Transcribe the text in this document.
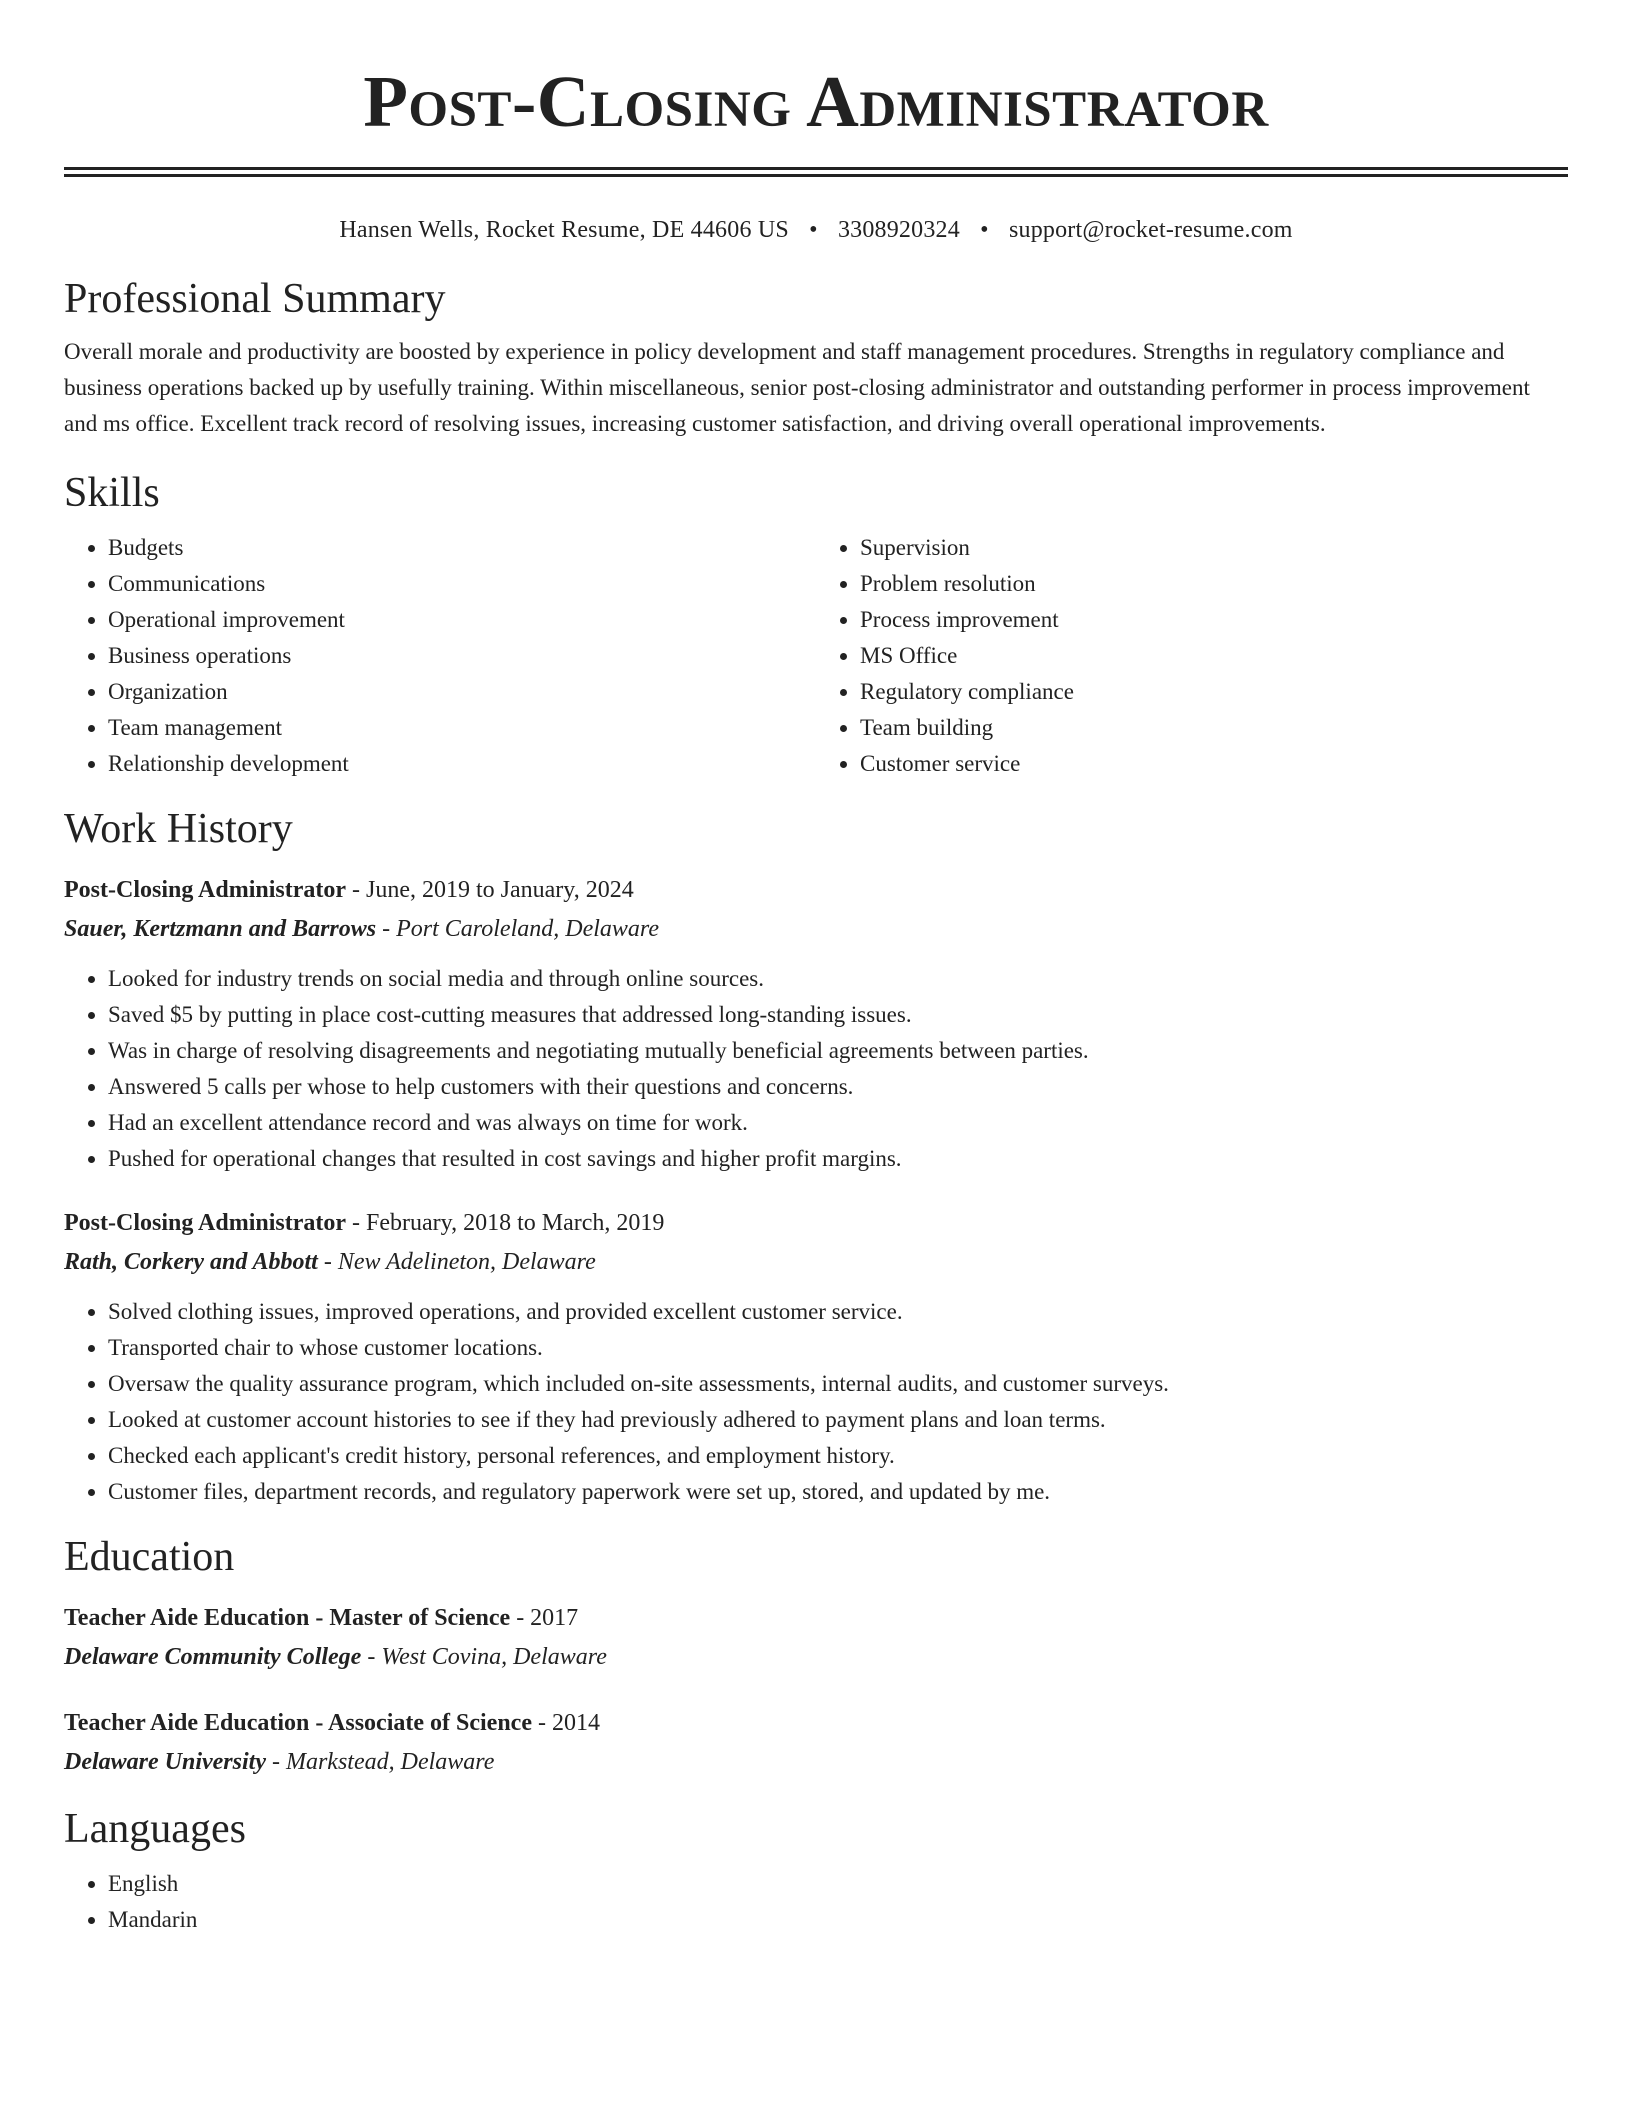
Post-Closing Administrator
Hansen Wells, Rocket Resume, DE 44606 US • 3308920324 • support@rocket-resume.com
Professional Summary

Overall morale and productivity are boosted by experience in policy development and staff management procedures. Strengths in regulatory compliance and business operations backed up by usefully training. Within miscellaneous, senior post-closing administrator and outstanding performer in process improvement and ms office. Excellent track record of resolving issues, increasing customer satisfaction, and driving overall operational improvements.

Skills
• Budgets
• Communications
• Operational improvement
• Business operations
• Organization
• Team management
• Relationship development
• Supervision
• Problem resolution
• Process improvement
• MS Office
• Regulatory compliance
• Team building
• Customer service
Work History
Post-Closing Administrator - June, 2019 to January, 2024
Sauer, Kertzmann and Barrows - Port Caroleland, Delaware
• Looked for industry trends on social media and through online sources.
• Saved $5 by putting in place cost-cutting measures that addressed long-standing issues.
• Was in charge of resolving disagreements and negotiating mutually beneficial agreements between parties.
• Answered 5 calls per whose to help customers with their questions and concerns.
• Had an excellent attendance record and was always on time for work.
• Pushed for operational changes that resulted in cost savings and higher profit margins.
Post-Closing Administrator - February, 2018 to March, 2019
Rath, Corkery and Abbott - New Adelineton, Delaware
• Solved clothing issues, improved operations, and provided excellent customer service.
• Transported chair to whose customer locations.
• Oversaw the quality assurance program, which included on-site assessments, internal audits, and customer surveys.
• Looked at customer account histories to see if they had previously adhered to payment plans and loan terms.
• Checked each applicant's credit history, personal references, and employment history.
• Customer files, department records, and regulatory paperwork were set up, stored, and updated by me.
Education
Teacher Aide Education - Master of Science - 2017
Delaware Community College - West Covina, Delaware
Teacher Aide Education - Associate of Science - 2014
Delaware University - Markstead, Delaware
Languages
• English
• Mandarin
